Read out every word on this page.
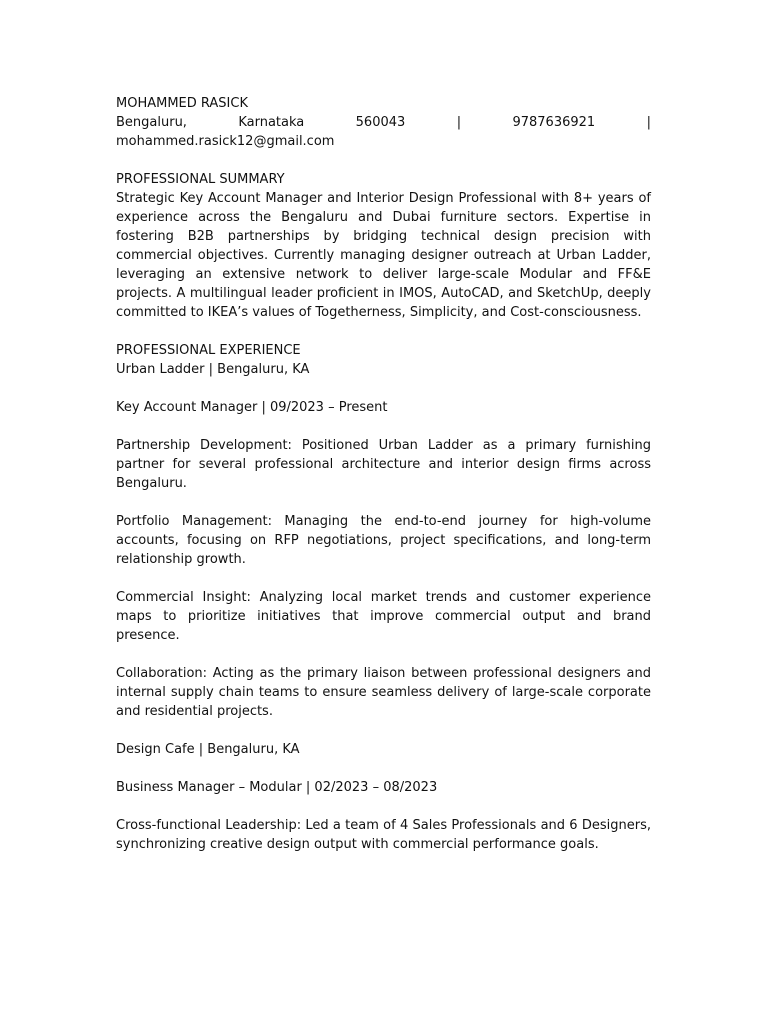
MOHAMMED RASICK
Bengaluru,	Karnataka	560043	|	9787636921	|
mohammed.rasick12@gmail.com
PROFESSIONAL SUMMARY
Strategic Key Account Manager and Interior Design Professional with 8+ years of experience across the Bengaluru and Dubai furniture sectors. Expertise in fostering B2B partnerships by bridging technical design precision with commercial objectives. Currently managing designer outreach at Urban Ladder, leveraging an extensive network to deliver large-scale Modular and FF&E projects. A multilingual leader proficient in IMOS, AutoCAD, and SketchUp, deeply committed to IKEA’s values of Togetherness, Simplicity, and Cost-consciousness.
PROFESSIONAL EXPERIENCE
Urban Ladder | Bengaluru, KA
Key Account Manager | 09/2023 – Present
Partnership Development: Positioned Urban Ladder as a primary furnishing partner for several professional architecture and interior design firms across Bengaluru.
Portfolio Management: Managing the end-to-end journey for high-volume accounts, focusing on RFP negotiations, project specifications, and long-term relationship growth.
Commercial Insight: Analyzing local market trends and customer experience maps to prioritize initiatives that improve commercial output and brand presence.
Collaboration: Acting as the primary liaison between professional designers and internal supply chain teams to ensure seamless delivery of large-scale corporate and residential projects.
Design Cafe | Bengaluru, KA
Business Manager – Modular | 02/2023 – 08/2023
Cross-functional Leadership: Led a team of 4 Sales Professionals and 6 Designers, synchronizing creative design output with commercial performance goals.
